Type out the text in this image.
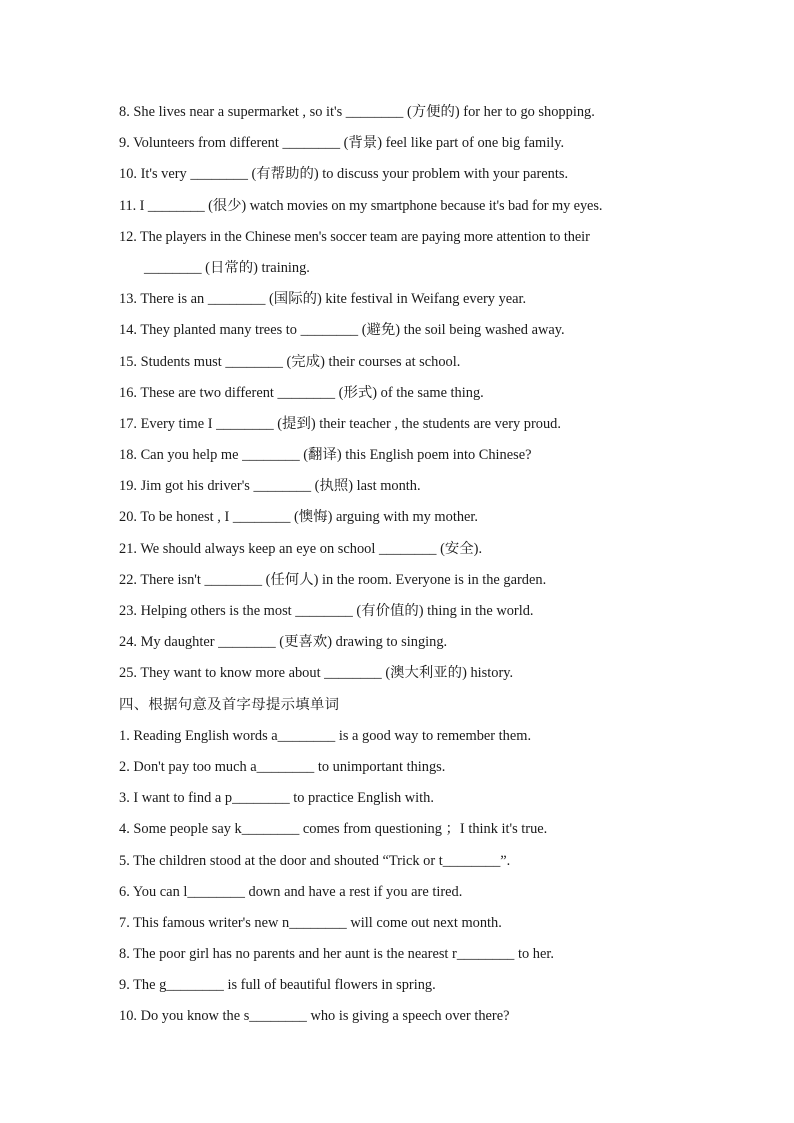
8. She lives near a supermarket , so it's ________ (方便的) for her to go shopping.
9. Volunteers from different ________ (背景) feel like part of one big family.
10. It's very ________ (有帮助的) to discuss your problem with your parents.
11. I ________ (很少) watch movies on my smartphone because it's bad for my eyes.
12. The players in the Chinese men's soccer team are paying more attention to their
________ (日常的) training.
13. There is an ________ (国际的) kite festival in Weifang every year.
14. They planted many trees to ________ (避免) the soil being washed away.
15. Students must ________ (完成) their courses at school.
16. These are two different ________ (形式) of the same thing.
17. Every time I ________ (提到) their teacher , the students are very proud.
18. Can you help me ________ (翻译) this English poem into Chinese?
19. Jim got his driver's ________ (执照) last month.
20. To be honest , I ________ (懊悔) arguing with my mother.
21. We should always keep an eye on school ________ (安全).
22. There isn't ________ (任何人) in the room. Everyone is in the garden.
23. Helping others is the most ________ (有价值的) thing in the world.
24. My daughter ________ (更喜欢) drawing to singing.
25. They want to know more about ________ (澳大利亚的) history.
四、根据句意及首字母提示填单词
1. Reading English words a________ is a good way to remember them.
2. Don't pay too much a________ to unimportant things.
3. I want to find a p________ to practice English with.
4. Some people say k________ comes from questioning ；I think it's true.
5. The children stood at the door and shouted “Trick or t________”.
6. You can l________ down and have a rest if you are tired.
7. This famous writer's new n________ will come out next month.
8. The poor girl has no parents and her aunt is the nearest r________ to her.
9. The g________ is full of beautiful flowers in spring.
10. Do you know the s________ who is giving a speech over there?
